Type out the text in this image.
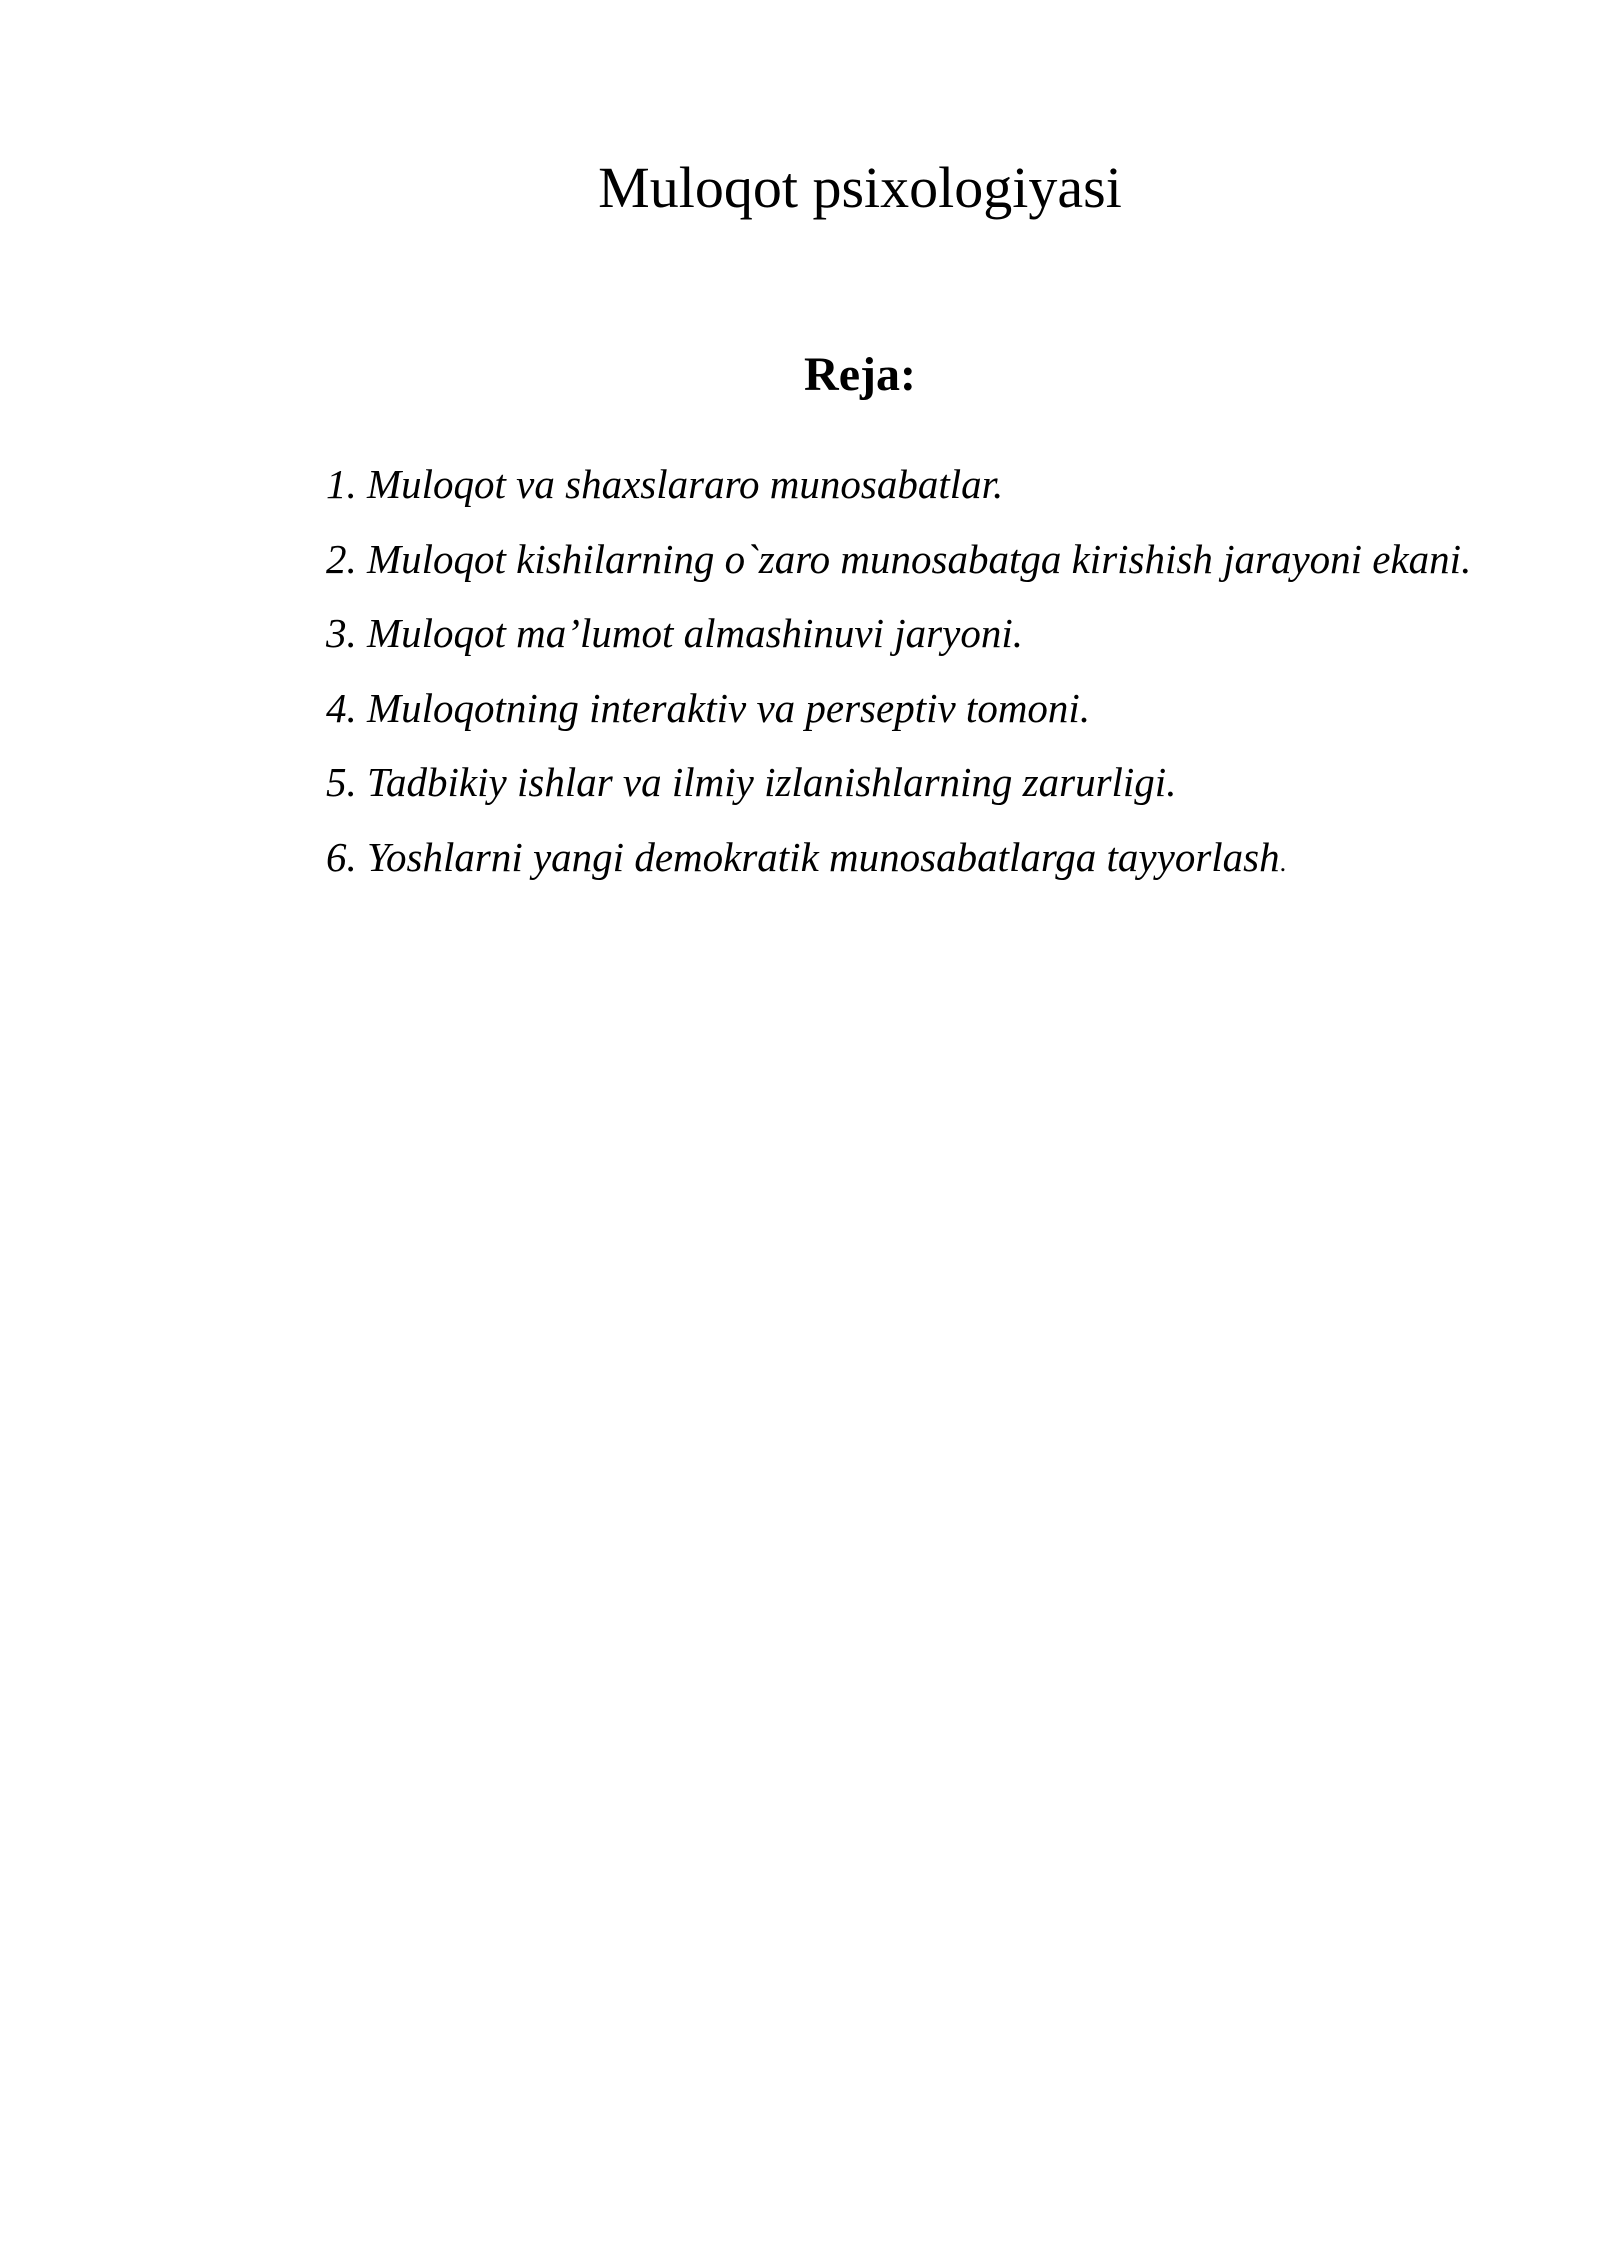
Muloqot psixologiyasi
Reja:
1. Muloqot va shaxslararo munosabatlar.
2. Muloqot kishilarning o`zaro munosabatga kirishish jarayoni ekani.
3. Muloqot ma’lumot almashinuvi jaryoni.
4. Muloqotning interaktiv va perseptiv tomoni.
5. Tadbikiy ishlar va ilmiy izlanishlarning zarurligi.
6. Yoshlarni yangi demokratik munosabatlarga tayyorlash.
